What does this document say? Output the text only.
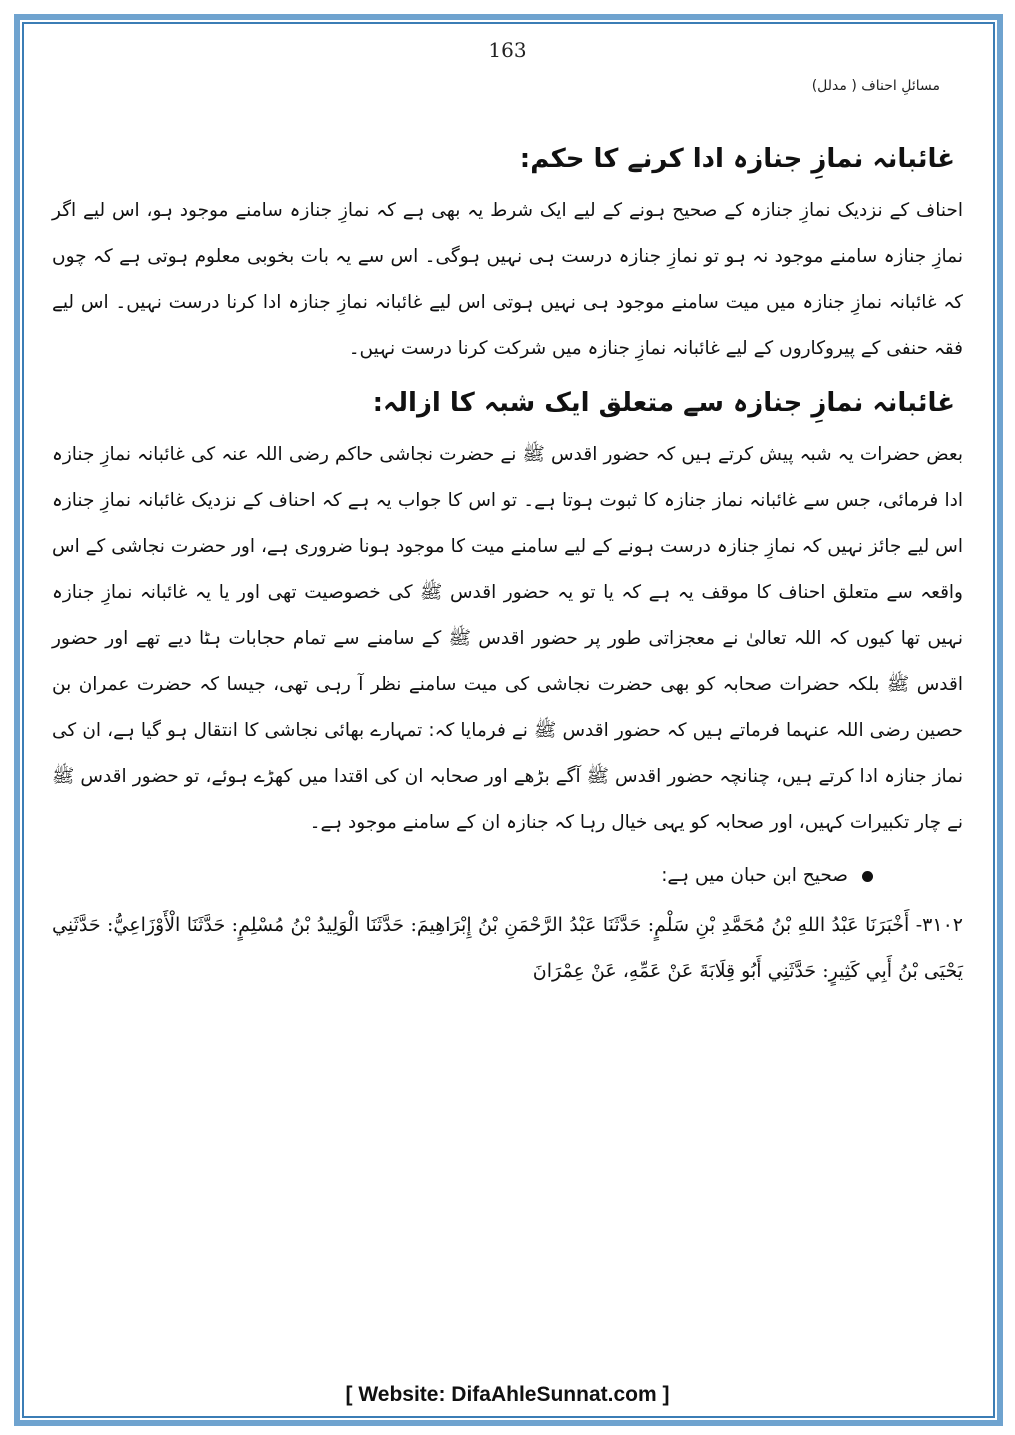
163
مسائلِ احناف ( مدلل)
غائبانہ نمازِ جنازہ ادا کرنے کا حکم:

احناف کے نزدیک نمازِ جنازہ کے صحیح ہونے کے لیے ایک شرط یہ بھی ہے کہ نمازِ جنازہ سامنے موجود ہو، اس لیے اگر نمازِ جنازہ سامنے موجود نہ ہو تو نمازِ جنازہ درست ہی نہیں ہوگی۔ اس سے یہ بات بخوبی معلوم ہوتی ہے کہ چوں کہ غائبانہ نمازِ جنازہ میں میت سامنے موجود ہی نہیں ہوتی اس لیے غائبانہ نمازِ جنازہ ادا کرنا درست نہیں۔ اس لیے فقہ حنفی کے پیروکاروں کے لیے غائبانہ نمازِ جنازہ میں شرکت کرنا درست نہیں۔

غائبانہ نمازِ جنازہ سے متعلق ایک شبہ کا ازالہ:

بعض حضرات یہ شبہ پیش کرتے ہیں کہ حضور اقدس ﷺ نے حضرت نجاشی حاکم رضی اللہ عنہ کی غائبانہ نمازِ جنازہ ادا فرمائی، جس سے غائبانہ نماز جنازہ کا ثبوت ہوتا ہے۔ تو اس کا جواب یہ ہے کہ احناف کے نزدیک غائبانہ نمازِ جنازہ اس لیے جائز نہیں کہ نمازِ جنازہ درست ہونے کے لیے سامنے میت کا موجود ہونا ضروری ہے، اور حضرت نجاشی کے اس واقعہ سے متعلق احناف کا موقف یہ ہے کہ یا تو یہ حضور اقدس ﷺ کی خصوصیت تھی اور یا یہ غائبانہ نمازِ جنازہ نہیں تھا کیوں کہ اللہ تعالیٰ نے معجزاتی طور پر حضور اقدس ﷺ کے سامنے سے تمام حجابات ہٹا دیے تھے اور حضور اقدس ﷺ بلکہ حضرات صحابہ کو بھی حضرت نجاشی کی میت سامنے نظر آ رہی تھی، جیسا کہ حضرت عمران بن حصین رضی اللہ عنہما فرماتے ہیں کہ حضور اقدس ﷺ نے فرمایا کہ: تمہارے بھائی نجاشی کا انتقال ہو گیا ہے، ان کی نماز جنازہ ادا کرتے ہیں، چنانچہ حضور اقدس ﷺ آگے بڑھے اور صحابہ ان کی اقتدا میں کھڑے ہوئے، تو حضور اقدس ﷺ نے چار تکبیرات کہیں، اور صحابہ کو یہی خیال رہا کہ جنازہ ان کے سامنے موجود ہے۔

صحیح ابن حبان میں ہے:
٣١٠٢- أَخْبَرَنَا عَبْدُ اللهِ بْنُ مُحَمَّدِ بْنِ سَلْمٍ: حَدَّثَنَا عَبْدُ الرَّحْمَنِ بْنُ إِبْرَاهِيمَ: حَدَّثَنَا الْوَلِيدُ بْنُ مُسْلِمٍ: حَدَّثَنَا الْأَوْزَاعِيُّ: حَدَّثَنِي يَحْيَى بْنُ أَبِي كَثِيرٍ: حَدَّثَنِي أَبُو قِلَابَةَ عَنْ عَمِّهِ، عَنْ عِمْرَانَ
[ Website: DifaAhleSunnat.com ]
